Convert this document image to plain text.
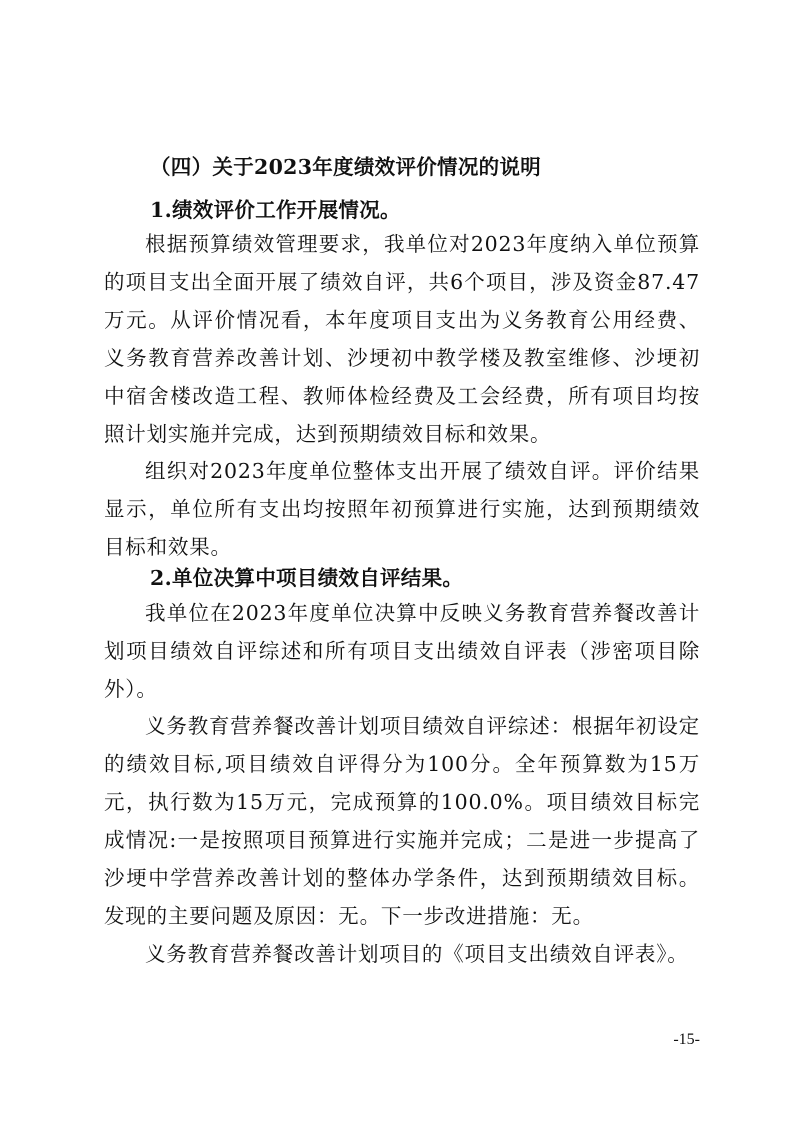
（四）关于2023年度绩效评价情况的说明
1.绩效评价工作开展情况。

根据预算绩效管理要求，我单位对2023年度纳入单位预算的项目支出全面开展了绩效自评，共6个项目，涉及资金87.47万元。从评价情况看，本年度项目支出为义务教育公用经费、义务教育营养改善计划、沙埂初中教学楼及教室维修、沙埂初中宿舍楼改造工程、教师体检经费及工会经费，所有项目均按照计划实施并完成，达到预期绩效目标和效果。

组织对2023年度单位整体支出开展了绩效自评。评价结果显示，单位所有支出均按照年初预算进行实施，达到预期绩效目标和效果。

2.单位决算中项目绩效自评结果。

我单位在2023年度单位决算中反映义务教育营养餐改善计划项目绩效自评综述和所有项目支出绩效自评表（涉密项目除外）。

义务教育营养餐改善计划项目绩效自评综述：根据年初设定的绩效目标,项目绩效自评得分为100分。全年预算数为15万元，执行数为15万元，完成预算的100.0%。项目绩效目标完成情况:一是按照项目预算进行实施并完成；二是进一步提高了沙埂中学营养改善计划的整体办学条件，达到预期绩效目标。发现的主要问题及原因：无。下一步改进措施：无。

义务教育营养餐改善计划项目的《项目支出绩效自评表》。

-15-
